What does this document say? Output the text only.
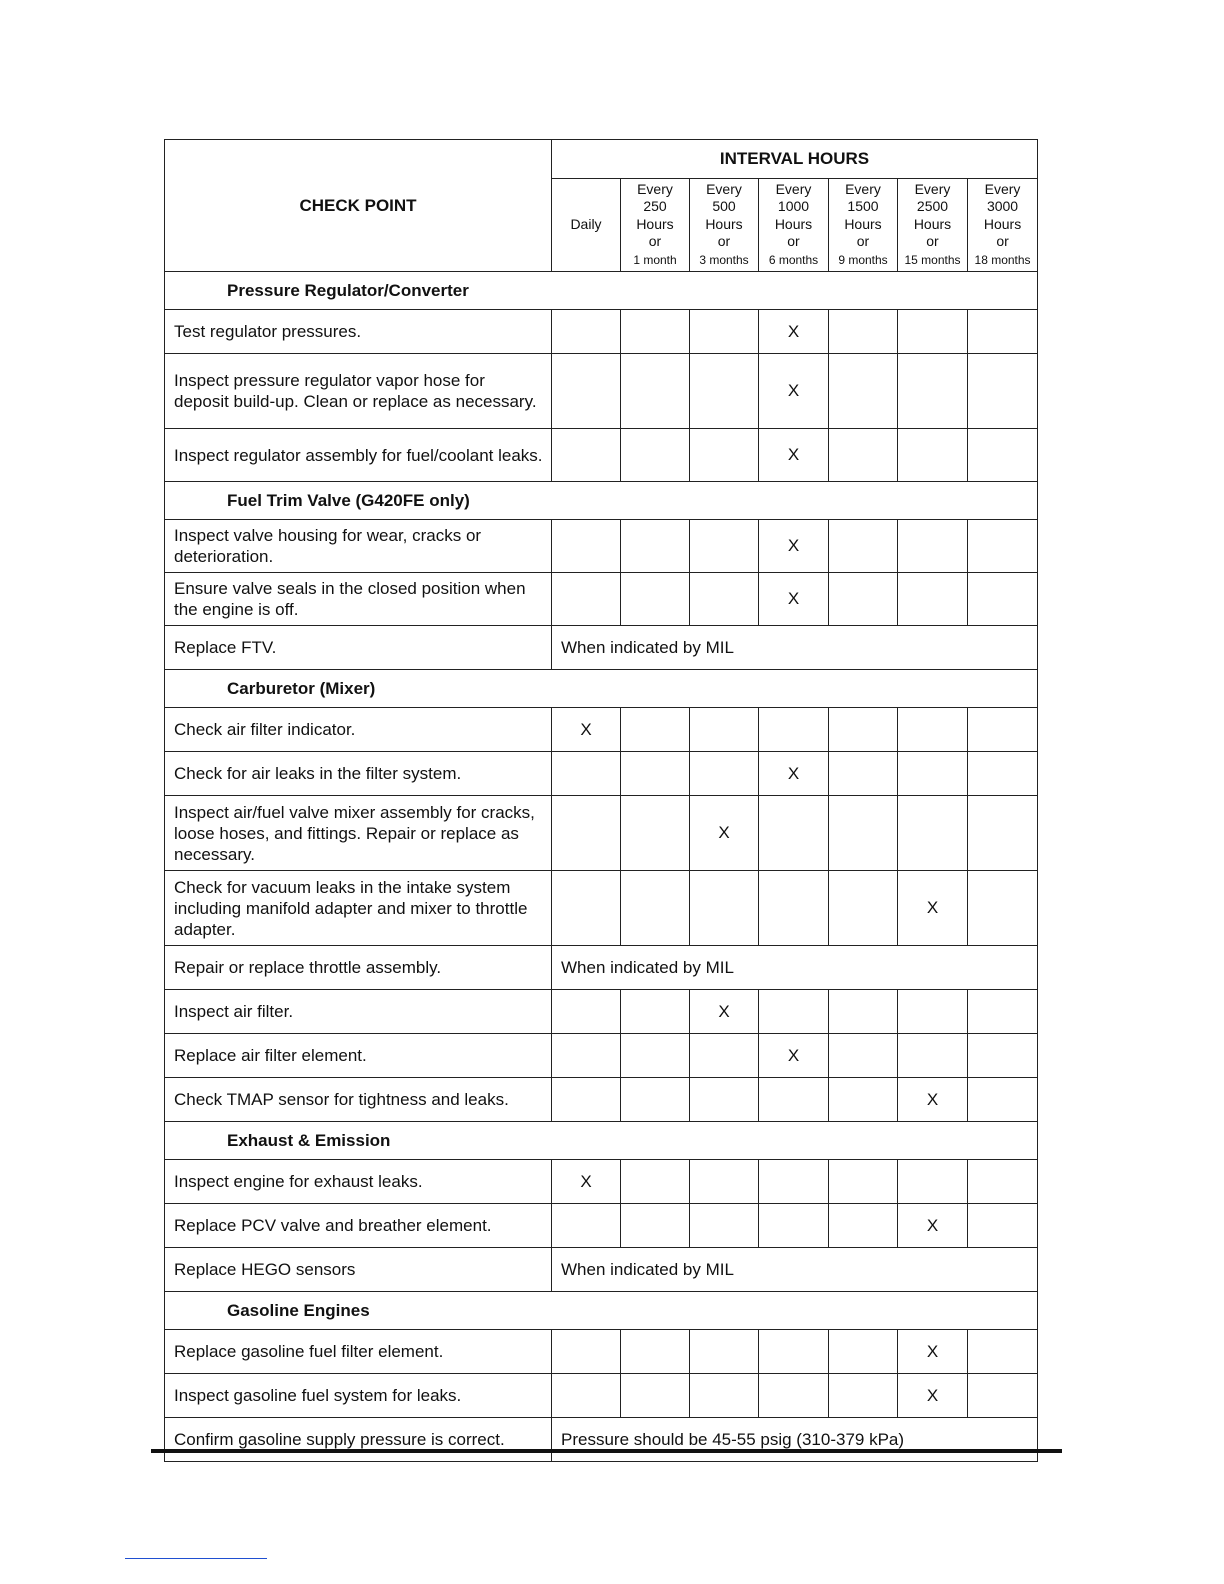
CHECK POINT	INTERVAL HOURS						
	Daily	Every
250
Hours
or
1 month	Every
500
Hours
or
3 months	Every
1000
Hours
or
6 months	Every
1500
Hours
or
9 months	Every
2500
Hours
or
15 months	Every
3000
Hours
or
18 months
Pressure Regulator/Converter							
Test regulator pressures.				X			
Inspect pressure regulator vapor hose for deposit build-up. Clean or replace as necessary.				X			
Inspect regulator assembly for fuel/coolant leaks.				X			
Fuel Trim Valve (G420FE only)							
Inspect valve housing for wear, cracks or deterioration.				X			
Ensure valve seals in the closed position when the engine is off.				X			
Replace FTV.	When indicated by MIL						
Carburetor (Mixer)							
Check air filter indicator.	X						
Check for air leaks in the filter system.				X			
Inspect air/fuel valve mixer assembly for cracks, loose hoses, and fittings. Repair or replace as necessary.			X				
Check for vacuum leaks in the intake system including manifold adapter and mixer to throttle adapter.						X	
Repair or replace throttle assembly.	When indicated by MIL						
Inspect air filter.			X				
Replace air filter element.				X			
Check TMAP sensor for tightness and leaks.						X	
Exhaust & Emission							
Inspect engine for exhaust leaks.	X						
Replace PCV valve and breather element.						X	
Replace HEGO sensors	When indicated by MIL						
Gasoline Engines							
Replace gasoline fuel filter element.						X	
Inspect gasoline fuel system for leaks.						X	
Confirm gasoline supply pressure is correct.	Pressure should be 45-55 psig (310-379 kPa)						
